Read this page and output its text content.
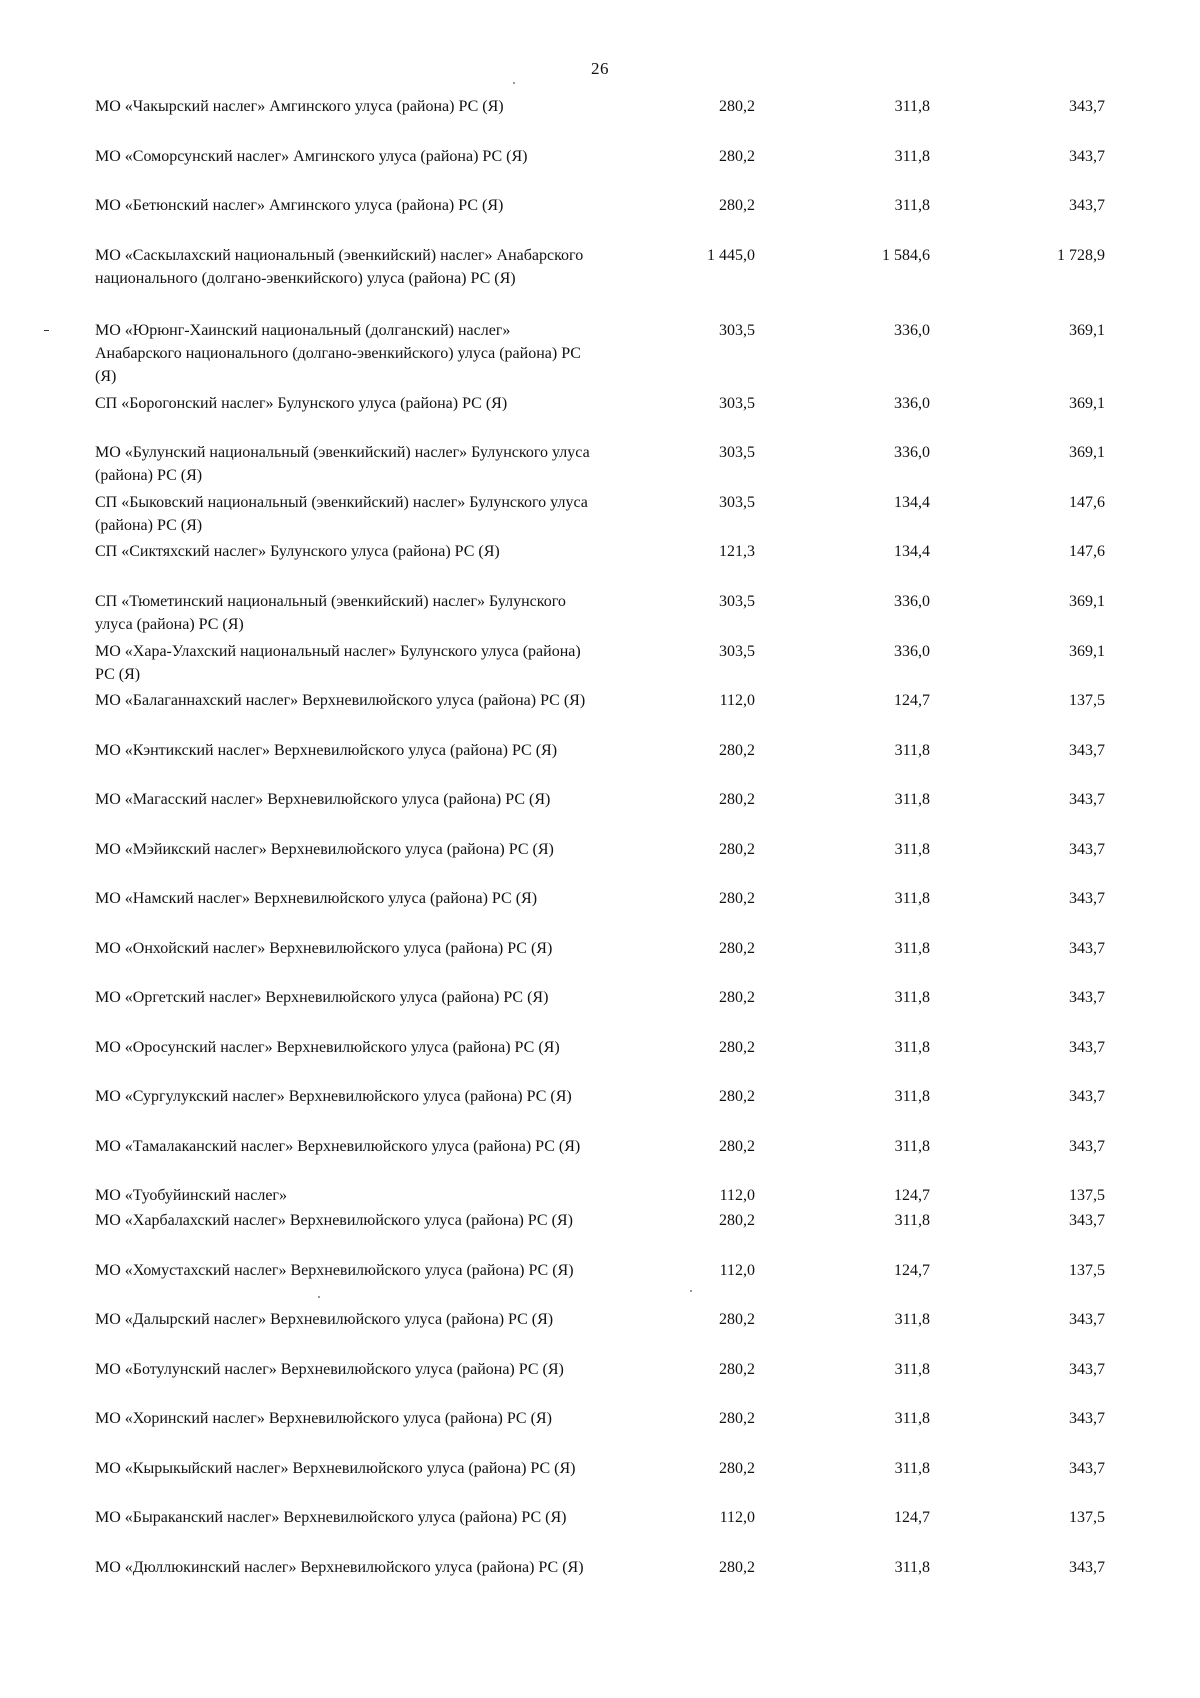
26
МО «Чакырский наслег» Амгинского улуса (района) РС (Я)	280,2	311,8	343,7
МО «Соморсунский наслег» Амгинского улуса (района) РС (Я)	280,2	311,8	343,7
МО «Бетюнский наслег» Амгинского улуса (района) РС (Я)	280,2	311,8	343,7
МО «Саскылахский национальный (эвенкийский) наслег» Анабарского национального (долгано-эвенкийского) улуса (района) РС (Я)
1 445,0	1 584,6	1 728,9
МО «Юрюнг-Хаинский национальный (долганский) наслег» Анабарского национального (долгано-эвенкийского) улуса (района) РС (Я)
303,5	336,0	369,1
СП «Борогонский наслег» Булунского улуса (района) РС (Я)	303,5	336,0	369,1
МО «Булунский национальный (эвенкийский) наслег» Булунского улуса (района) РС (Я)
303,5	336,0	369,1
СП «Быковский национальный (эвенкийский) наслег» Булунского улуса (района) РС (Я)
303,5	134,4	147,6
СП «Сиктяхский наслег» Булунского улуса (района) РС (Я)	121,3	134,4	147,6
СП «Тюметинский национальный (эвенкийский) наслег» Булунского улуса (района) РС (Я)
303,5	336,0	369,1
МО «Хара-Улахский национальный наслег» Булунского улуса (района) РС (Я)
303,5	336,0	369,1
МО «Балаганнахский наслег» Верхневилюйского улуса (района) РС (Я)	112,0	124,7	137,5
МО «Кэнтикский наслег» Верхневилюйского улуса (района) РС (Я)	280,2	311,8	343,7
МО «Магасский наслег» Верхневилюйского улуса (района) РС (Я)	280,2	311,8	343,7
МО «Мэйикский наслег» Верхневилюйского улуса (района) РС (Я)	280,2	311,8	343,7
МО «Намский наслег» Верхневилюйского улуса (района) РС (Я)	280,2	311,8	343,7
МО «Онхойский наслег» Верхневилюйского улуса (района) РС (Я)	280,2	311,8	343,7
МО «Оргетский наслег» Верхневилюйского улуса (района) РС (Я)	280,2	311,8	343,7
МО «Оросунский наслег» Верхневилюйского улуса (района) РС (Я)	280,2	311,8	343,7
МО «Сургулукский наслег» Верхневилюйского улуса (района) РС (Я)	280,2	311,8	343,7
МО «Тамалаканский наслег» Верхневилюйского улуса (района) РС (Я)	280,2	311,8	343,7
МО «Туобуйинский наслег»	112,0	124,7	137,5
МО «Харбалахский наслег» Верхневилюйского улуса (района) РС (Я)	280,2	311,8	343,7
МО «Хомустахский наслег» Верхневилюйского улуса (района) РС (Я)	112,0	124,7	137,5
МО «Далырский наслег» Верхневилюйского улуса (района) РС (Я)	280,2	311,8	343,7
МО «Ботулунский наслег» Верхневилюйского улуса (района) РС (Я)	280,2	311,8	343,7
МО «Хоринский наслег» Верхневилюйского улуса (района) РС (Я)	280,2	311,8	343,7
МО «Кырыкыйский наслег» Верхневилюйского улуса (района) РС (Я)	280,2	311,8	343,7
МО «Быраканский наслег» Верхневилюйского улуса (района) РС (Я)	112,0	124,7	137,5
МО «Дюллюкинский наслег» Верхневилюйского улуса (района) РС (Я)	280,2	311,8	343,7
